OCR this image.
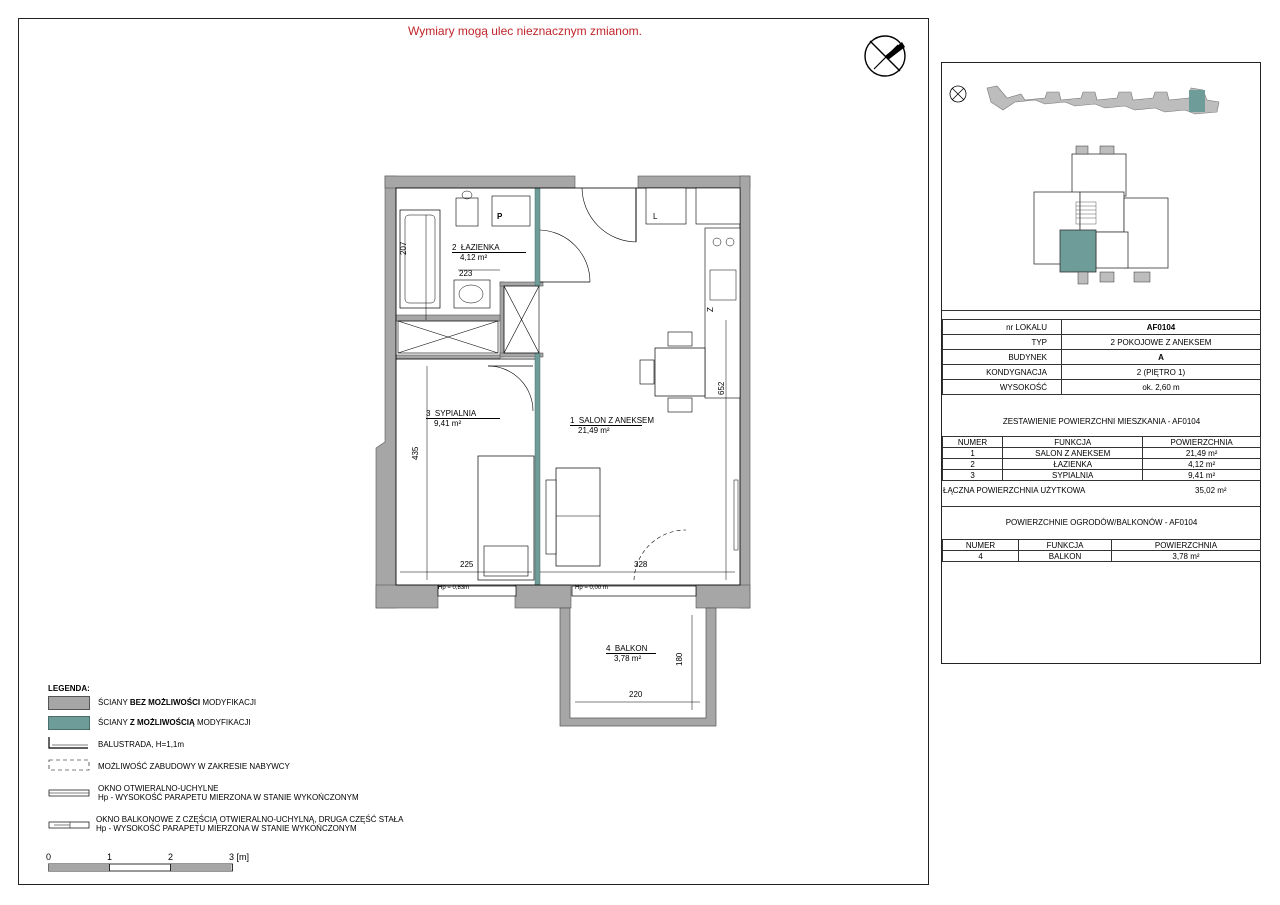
Wymiary mogą ulec nieznacznym zmianom.
207
223
435
652
225	328
180
220
P	L
Z
Hp = 0,83m	Hp = 0,00 m
2 ŁAZIENKA
4,12 m²
3 SYPIALNIA
9,41 m²	1 SALON Z ANEKSEM
21,49 m²
4 BALKON
3,78 m²
LEGENDA:
ŚCIANY BEZ MOŻLIWOŚCI MODYFIKACJI
ŚCIANY Z MOŻLIWOŚCIĄ MODYFIKACJI
BALUSTRADA, H=1,1m
MOŻLIWOŚĆ ZABUDOWY W ZAKRESIE NABYWCY
OKNO OTWIERALNO-UCHYLNE
Hp - WYSOKOŚĆ PARAPETU MIERZONA W STANIE WYKOŃCZONYM
OKNO BALKONOWE Z CZĘŚCIĄ OTWIERALNO-UCHYLNĄ, DRUGA CZĘŚĆ STAŁA
Hp - WYSOKOŚĆ PARAPETU MIERZONA W STANIE WYKOŃCZONYM
0	1	2	3 [m]
nr LOKALU	AF0104
TYP	2 POKOJOWE Z ANEKSEM
BUDYNEK	A
KONDYGNACJA	2 (PIĘTRO 1)
WYSOKOŚĆ	ok. 2,60 m
ZESTAWIENIE POWIERZCHNI MIESZKANIA - AF0104
NUMER	FUNKCJA	POWIERZCHNIA
1	SALON Z ANEKSEM	21,49 m²
2	ŁAZIENKA	4,12 m²
3	SYPIALNIA	9,41 m²
ŁĄCZNA POWIERZCHNIA UŻYTKOWA	35,02 m²
POWIERZCHNIE OGRODÓW/BALKONÓW - AF0104
NUMER	FUNKCJA	POWIERZCHNIA
4	BALKON	3,78 m²
